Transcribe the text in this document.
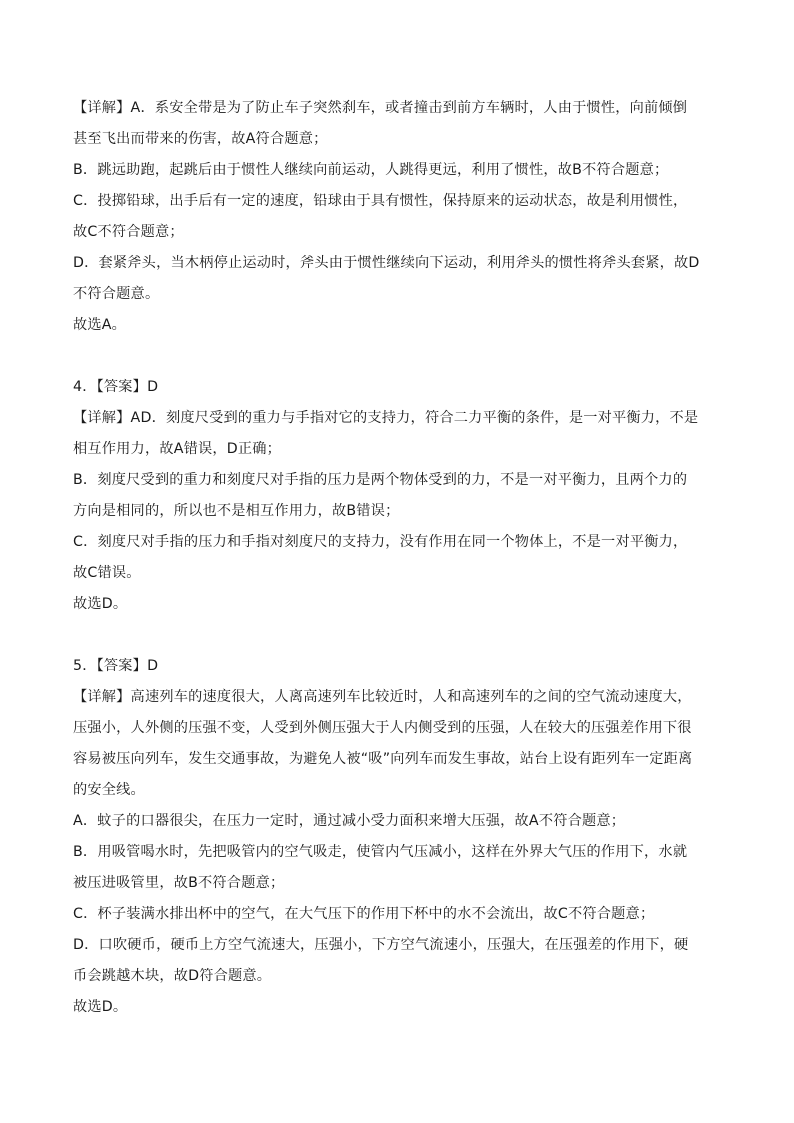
【详解】A．系安全带是为了防止车子突然刹车，或者撞击到前方车辆时，人由于惯性，向前倾倒
甚至飞出而带来的伤害，故A符合题意；
B．跳远助跑，起跳后由于惯性人继续向前运动，人跳得更远，利用了惯性，故B不符合题意；
C．投掷铅球，出手后有一定的速度，铅球由于具有惯性，保持原来的运动状态，故是利用惯性，
故C不符合题意；
D．套紧斧头，当木柄停止运动时，斧头由于惯性继续向下运动，利用斧头的惯性将斧头套紧，故D
不符合题意。
故选A。
4．【答案】D
【详解】AD．刻度尺受到的重力与手指对它的支持力，符合二力平衡的条件，是一对平衡力，不是
相互作用力，故A错误，D正确；
B．刻度尺受到的重力和刻度尺对手指的压力是两个物体受到的力，不是一对平衡力，且两个力的
方向是相同的，所以也不是相互作用力，故B错误；
C．刻度尺对手指的压力和手指对刻度尺的支持力，没有作用在同一个物体上，不是一对平衡力，
故C错误。
故选D。
5．【答案】D
【详解】高速列车的速度很大，人离高速列车比较近时，人和高速列车的之间的空气流动速度大，
压强小，人外侧的压强不变，人受到外侧压强大于人内侧受到的压强，人在较大的压强差作用下很
容易被压向列车，发生交通事故，为避免人被“吸”向列车而发生事故，站台上设有距列车一定距离
的安全线。
A．蚊子的口器很尖，在压力一定时，通过减小受力面积来增大压强，故A不符合题意；
B．用吸管喝水时，先把吸管内的空气吸走，使管内气压减小，这样在外界大气压的作用下，水就
被压进吸管里，故B不符合题意；
C．杯子装满水排出杯中的空气，在大气压下的作用下杯中的水不会流出，故C不符合题意；
D．口吹硬币，硬币上方空气流速大，压强小，下方空气流速小，压强大，在压强差的作用下，硬
币会跳越木块，故D符合题意。
故选D。
